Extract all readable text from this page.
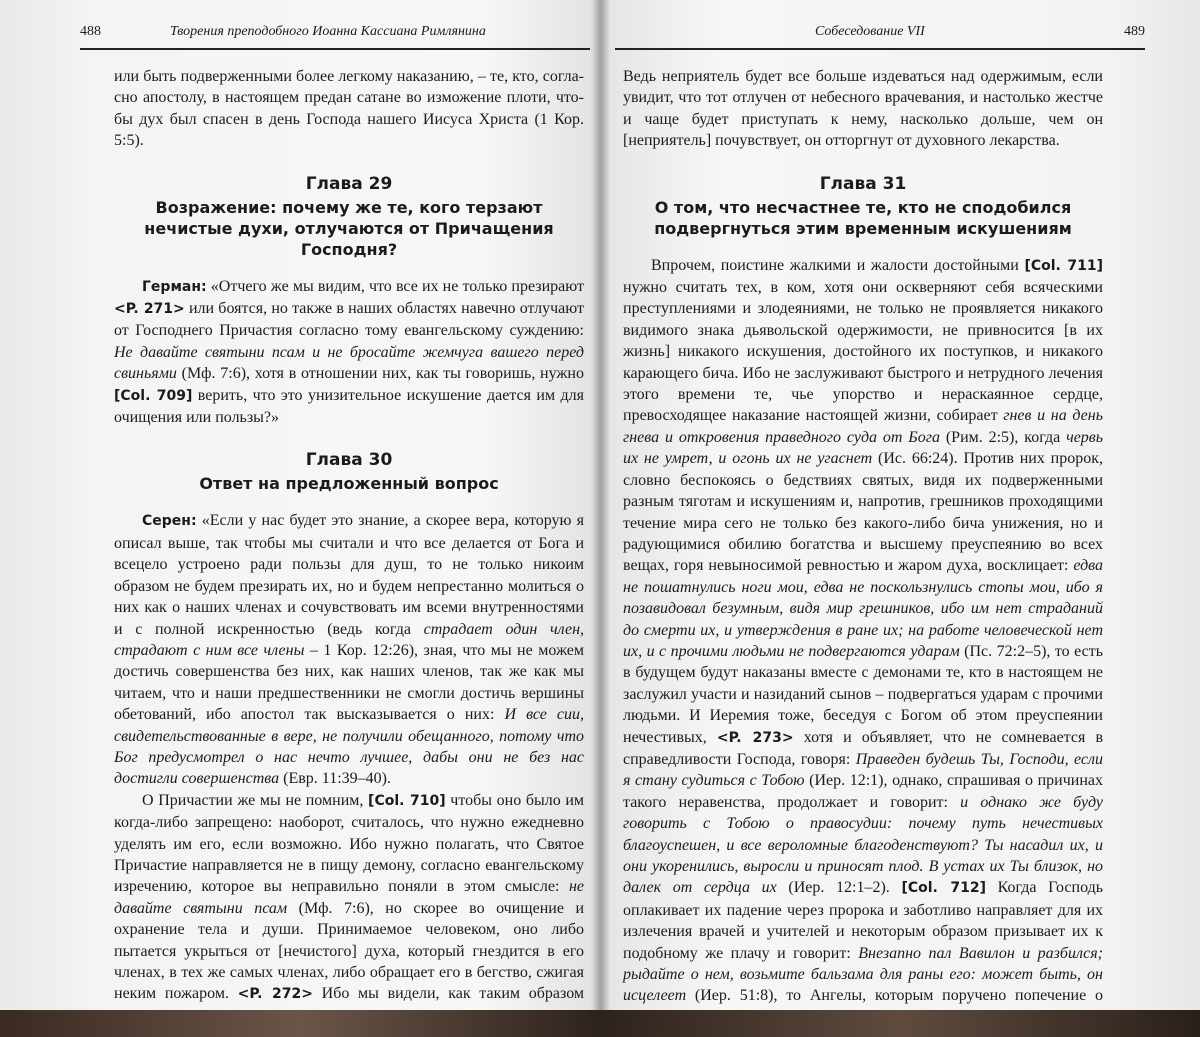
488	Творения преподобного Иоанна Кассиана Римлянина

или быть подверженными более легкому наказанию, – те, кто, согла- сно апостолу, в настоящем предан сатане во изможение плоти, что- бы дух был спасен в день Господа нашего Иисуса Христа (1 Кор. 5:5).

Глава 29
Возражение: почему же те, кого терзают нечистые духи, отлучаются от Причащения Господня?

Герман: «Отчего же мы видим, что все их не только презирают <P. 271> или боятся, но также в наших областях навечно отлучают от Господнего Причастия согласно тому евангельскому суждению: Не давайте святыни псам и не бросайте жемчуга вашего перед свиньями (Мф. 7:6), хотя в отношении них, как ты говоришь, нужно [Col. 709] верить, что это унизительное искушение дается им для очищения или пользы?»

Глава 30
Ответ на предложенный вопрос

Серен: «Если у нас будет это знание, а скорее вера, которую я описал выше, так чтобы мы считали и что все делается от Бога и всецело устроено ради пользы для душ, то не только никоим образом не будем презирать их, но и будем непрестанно молиться о них как о наших членах и сочувствовать им всеми внутренностями и с полной искренностью (ведь когда страдает один член, страдают с ним все члены – 1 Кор. 12:26), зная, что мы не можем достичь совершенства без них, как наших членов, так же как мы читаем, что и наши предшественники не смогли достичь вершины обетований, ибо апостол так высказывается о них: И все сии, свидетельствованные в вере, не получили обещанного, потому что Бог предусмотрел о нас нечто лучшее, дабы они не без нас достигли совершенства (Евр. 11:39–40).

О Причастии же мы не помним, [Col. 710] чтобы оно было им когда-либо запрещено: наоборот, считалось, что нужно ежедневно уделять им его, если возможно. Ибо нужно полагать, что Святое Причастие направляется не в пищу демону, согласно евангельскому изречению, которое вы неправильно поняли в этом смысле: не давайте святыни псам (Мф. 7:6), но скорее во очищение и охранение тела и души. Принимаемое человеком, оно либо пытается укрыться от [нечистого] духа, который гнездится в его членах, в тех же самых членах, либо обращает его в бегство, сжигая неким пожаром. <P. 272> Ибо мы видели, как таким образом

Собеседование VII	489

Ведь неприятель будет все больше издеваться над одержимым, если увидит, что тот отлучен от небесного врачевания, и настолько жестче и чаще будет приступать к нему, насколько дольше, чем он [неприятель] почувствует, он отторгнут от духовного лекарства.

Глава 31
О том, что несчастнее те, кто не сподобился подвергнуться этим временным искушениям

Впрочем, поистине жалкими и жалости достойными [Col. 711] нужно считать тех, в ком, хотя они оскверняют себя всяческими преступлениями и злодеяниями, не только не проявляется никакого видимого знака дьявольской одержимости, не привносится [в их жизнь] никакого искушения, достойного их поступков, и никакого карающего бича. Ибо не заслуживают быстрого и нетрудного лечения этого времени те, чье упорство и нераскаянное сердце, превосходящее наказание настоящей жизни, собирает гнев и на день гнева и откровения праведного суда от Бога (Рим. 2:5), когда червь их не умрет, и огонь их не угаснет (Ис. 66:24). Против них пророк, словно беспокоясь о бедствиях святых, видя их подверженными разным тяготам и искушениям и, напротив, грешников проходящими течение мира сего не только без какого-либо бича унижения, но и радующимися обилию богатства и высшему преуспеянию во всех вещах, горя невыносимой ревностью и жаром духа, восклицает: едва не пошатнулись ноги мои, едва не поскользнулись стопы мои, ибо я позавидовал безумным, видя мир грешников, ибо им нет страданий до смерти их, и утверждения в ране их; на работе человеческой нет их, и с прочими людьми не подвергаются ударам (Пс. 72:2–5), то есть в будущем будут наказаны вместе с демонами те, кто в настоящем не заслужил участи и назиданий сынов – подвергаться ударам с прочими людьми. И Иеремия тоже, беседуя с Богом об этом преуспеянии нечестивых, <P. 273> хотя и объявляет, что не сомневается в справедливости Господа, говоря: Праведен будешь Ты, Господи, если я стану судиться с Тобою (Иер. 12:1), однако, спрашивая о причинах такого неравенства, продолжает и говорит: и однако же буду говорить с Тобою о правосудии: почему путь нечестивых благоуспешен, и все вероломные благоденствуют? Ты насадил их, и они укоренились, выросли и приносят плод. В устах их Ты близок, но далек от сердца их (Иер. 12:1–2). [Col. 712] Когда Господь оплакивает их падение через пророка и заботливо направляет для их излечения врачей и учителей и некоторым образом призывает их к подобному же плачу и говорит: Внезапно пал Вавилон и разбился; рыдайте о нем, возьмите бальзама для раны его: может быть, он исцелеет (Иер. 51:8), то Ангелы, которым поручено попечение о
